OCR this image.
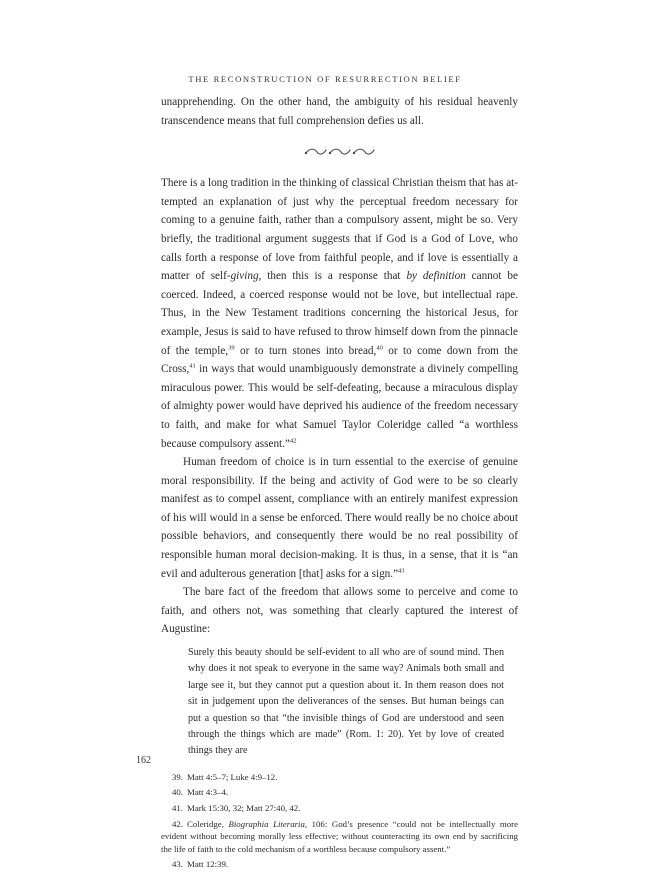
THE RECONSTRUCTION OF RESURRECTION BELIEF

unapprehending. On the other hand, the ambiguity of his residual heavenly transcendence means that full comprehension defies us all.

There is a long tradition in the thinking of classical Christian theism that has attempted an explanation of just why the perceptual freedom necessary for coming to a genuine faith, rather than a compulsory assent, might be so. Very briefly, the traditional argument suggests that if God is a God of Love, who calls forth a response of love from faithful people, and if love is essentially a matter of self-giving, then this is a response that by definition cannot be coerced. Indeed, a coerced response would not be love, but intellectual rape. Thus, in the New Testament traditions concerning the historical Jesus, for example, Jesus is said to have refused to throw himself down from the pinnacle of the temple,$^{39}$ or to turn stones into bread,$^{40}$ or to come down from the Cross,$^{41}$ in ways that would unambiguously demonstrate a divinely compelling miraculous power. This would be self-defeating, because a miraculous display of almighty power would have deprived his audience of the freedom necessary to faith, and make for what Samuel Taylor Coleridge called “a worthless because compulsory assent.”$^{42}$

Human freedom of choice is in turn essential to the exercise of genuine moral responsibility. If the being and activity of God were to be so clearly manifest as to compel assent, compliance with an entirely manifest expression of his will would in a sense be enforced. There would really be no choice about possible behaviors, and consequently there would be no real possibility of responsible human moral decision-making. It is thus, in a sense, that it is “an evil and adulterous generation [that] asks for a sign.”$^{43}$

The bare fact of the freedom that allows some to perceive and come to faith, and others not, was something that clearly captured the interest of Augustine:

Surely this beauty should be self-evident to all who are of sound mind. Then why does it not speak to everyone in the same way? Animals both small and large see it, but they cannot put a question about it. In them reason does not sit in judgement upon the deliverances of the senses. But human beings can put a question so that “the invisible things of God are understood and seen through the things which are made” (Rom. 1: 20). Yet by love of created things they are

39. Matt 4:5–7; Luke 4:9–12.
40. Matt 4:3–4.
41. Mark 15:30, 32; Matt 27:40, 42.
42. Coleridge, Biographia Literaria, 106: God’s presence “could not be intellectually more evident without becoming morally less effective; without counteracting its own end by sacrificing the life of faith to the cold mechanism of a worthless because compulsory assent.”
43. Matt 12:39.
162
